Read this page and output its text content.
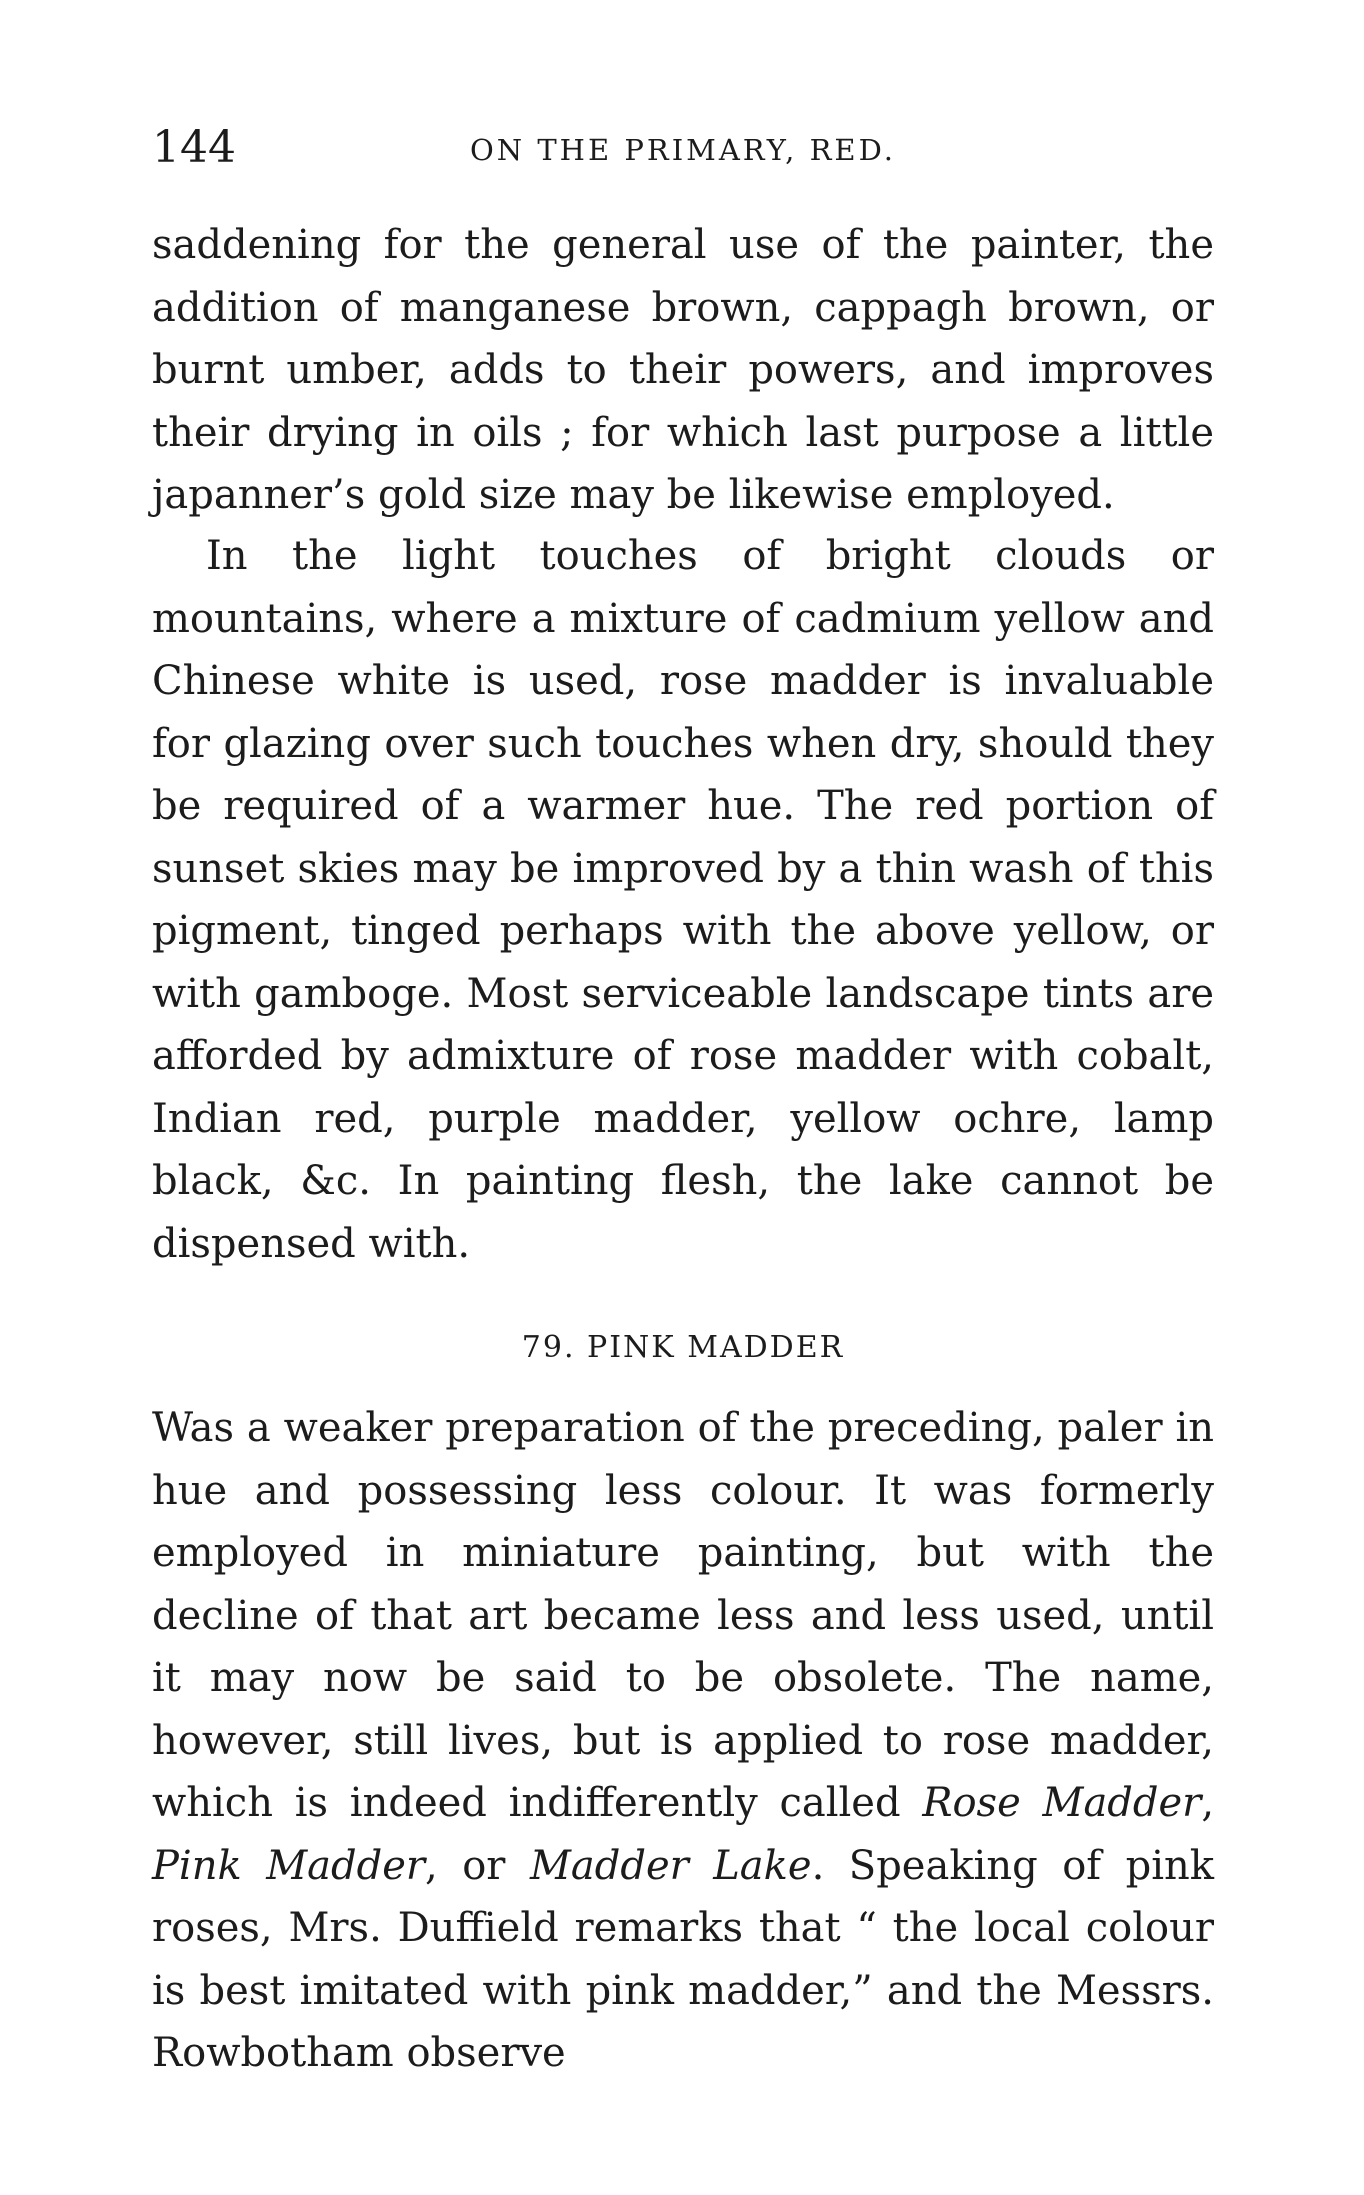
144	ON THE PRIMARY, RED.

saddening for the general use of the painter, the addition of manganese brown, cappagh brown, or burnt umber, adds to their powers, and improves their drying in oils ; for which last purpose a little japanner’s gold size may be likewise employed.

In the light touches of bright clouds or mountains, where a mixture of cadmium yellow and Chinese white is used, rose madder is invaluable for glazing over such touches when dry, should they be required of a warmer hue. The red portion of sunset skies may be improved by a thin wash of this pigment, tinged perhaps with the above yellow, or with gamboge. Most serviceable landscape tints are afforded by admixture of rose madder with cobalt, Indian red, purple madder, yellow ochre, lamp black, &c. In painting flesh, the lake cannot be dispensed with.

79. PINK MADDER

Was a weaker preparation of the preceding, paler in hue and possessing less colour. It was formerly employed in miniature painting, but with the decline of that art became less and less used, until it may now be said to be obsolete. The name, however, still lives, but is applied to rose madder, which is indeed indifferently called Rose Madder, Pink Madder, or Madder Lake. Speaking of pink roses, Mrs. Duffield remarks that “ the local colour is best imitated with pink madder,” and the Messrs. Rowbotham observe
